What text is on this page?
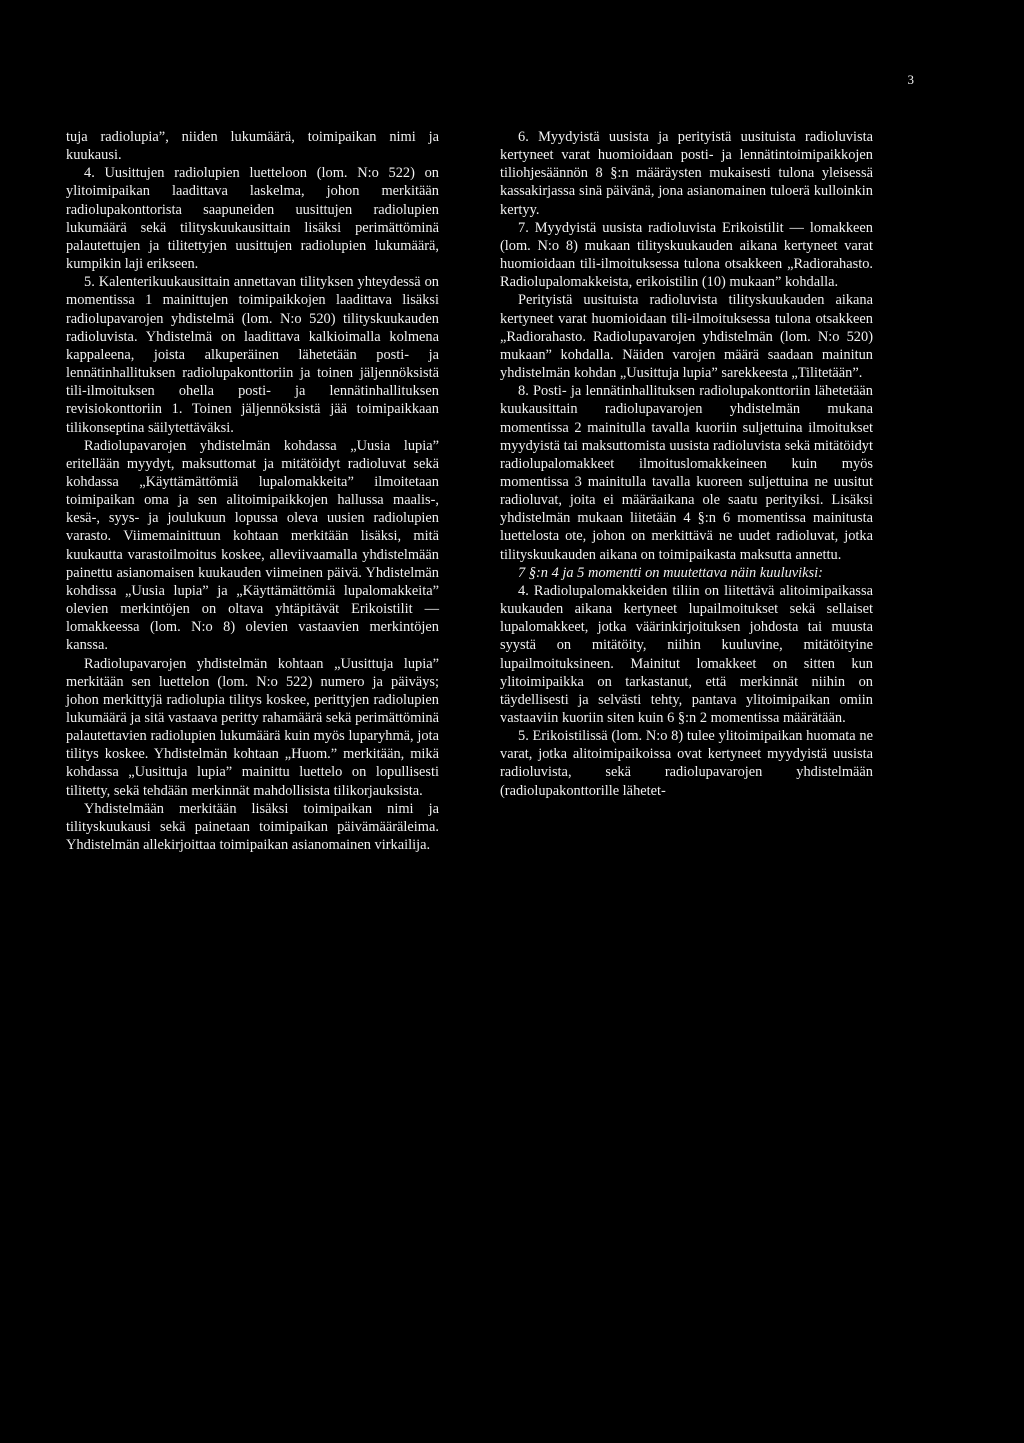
3

tuja radiolupia”, niiden lukumäärä, toimipaikan nimi ja kuukausi.

4. Uusittujen radiolupien luetteloon (lom. N:o 522) on ylitoimipaikan laadittava laskelma, johon merkitään radiolupakonttorista saapuneiden uusittujen radiolupien lukumäärä sekä tilityskuukausittain lisäksi perimättöminä palautettujen ja tilitettyjen uusittujen radiolupien lukumäärä, kumpikin laji erikseen.

5. Kalenterikuukausittain annettavan tilityksen yhteydessä on momentissa 1 mainittujen toimipaikkojen laadittava lisäksi radiolupavarojen yhdistelmä (lom. N:o 520) tilityskuukauden radioluvista. Yhdistelmä on laadittava kalkioimalla kolmena kappaleena, joista alkuperäinen lähetetään posti- ja lennätinhallituksen radiolupakonttoriin ja toinen jäljennöksistä tili-ilmoituksen ohella posti- ja lennätinhallituksen revisiokonttoriin 1. Toinen jäljennöksistä jää toimipaikkaan tilikonseptina säilytettäväksi.

Radiolupavarojen yhdistelmän kohdassa „Uusia lupia” eritellään myydyt, maksuttomat ja mitätöidyt radioluvat sekä kohdassa „Käyttämättömiä lupalomakkeita” ilmoitetaan toimipaikan oma ja sen alitoimipaikkojen hallussa maalis-, kesä-, syys- ja joulukuun lopussa oleva uusien radiolupien varasto. Viimemainittuun kohtaan merkitään lisäksi, mitä kuukautta varastoilmoitus koskee, alleviivaamalla yhdistelmään painettu asianomaisen kuukauden viimeinen päivä. Yhdistelmän kohdissa „Uusia lupia” ja „Käyttämättömiä lupalomakkeita” olevien merkintöjen on oltava yhtäpitävät Erikoistilit — lomakkeessa (lom. N:o 8) olevien vastaavien merkintöjen kanssa.

Radiolupavarojen yhdistelmän kohtaan „Uusittuja lupia” merkitään sen luettelon (lom. N:o 522) numero ja päiväys; johon merkittyjä radiolupia tilitys koskee, perittyjen radiolupien lukumäärä ja sitä vastaava peritty rahamäärä sekä perimättöminä palautettavien radiolupien lukumäärä kuin myös luparyhmä, jota tilitys koskee. Yhdistelmän kohtaan „Huom.” merkitään, mikä kohdassa „Uusittuja lupia” mainittu luettelo on lopullisesti tilitetty, sekä tehdään merkinnät mahdollisista tilikorjauksista.

Yhdistelmään merkitään lisäksi toimipaikan nimi ja tilityskuukausi sekä painetaan toimipaikan päivämääräleima. Yhdistelmän allekirjoittaa toimipaikan asianomainen virkailija.

6. Myydyistä uusista ja perityistä uusituista radioluvista kertyneet varat huomioidaan posti- ja lennätintoimipaikkojen tiliohjesäännön 8 §:n määräysten mukaisesti tulona yleisessä kassakirjassa sinä päivänä, jona asianomainen tuloerä kulloinkin kertyy.

7. Myydyistä uusista radioluvista Erikoistilit — lomakkeen (lom. N:o 8) mukaan tilityskuukauden aikana kertyneet varat huomioidaan tili-ilmoituksessa tulona otsakkeen „Radiorahasto. Radiolupalomakkeista, erikoistilin (10) mukaan” kohdalla.

Perityistä uusituista radioluvista tilityskuukauden aikana kertyneet varat huomioidaan tili-ilmoituksessa tulona otsakkeen „Radiorahasto. Radiolupavarojen yhdistelmän (lom. N:o 520) mukaan” kohdalla. Näiden varojen määrä saadaan mainitun yhdistelmän kohdan „Uusittuja lupia” sarekkeesta „Tilitetään”.

8. Posti- ja lennätinhallituksen radiolupakonttoriin lähetetään kuukausittain radiolupavarojen yhdistelmän mukana momentissa 2 mainitulla tavalla kuoriin suljettuina ilmoitukset myydyistä tai maksuttomista uusista radioluvista sekä mitätöidyt radiolupalomakkeet ilmoituslomakkeineen kuin myös momentissa 3 mainitulla tavalla kuoreen suljettuina ne uusitut radioluvat, joita ei määräaikana ole saatu perityiksi. Lisäksi yhdistelmän mukaan liitetään 4 §:n 6 momentissa mainitusta luettelosta ote, johon on merkittävä ne uudet radioluvat, jotka tilityskuukauden aikana on toimipaikasta maksutta annettu.

7 §:n 4 ja 5 momentti on muutettava näin kuuluviksi:

4. Radiolupalomakkeiden tiliin on liitettävä alitoimipaikassa kuukauden aikana kertyneet lupailmoitukset sekä sellaiset lupalomakkeet, jotka väärinkirjoituksen johdosta tai muusta syystä on mitätöity, niihin kuuluvine, mitätöityine lupailmoituksineen. Mainitut lomakkeet on sitten kun ylitoimipaikka on tarkastanut, että merkinnät niihin on täydellisesti ja selvästi tehty, pantava ylitoimipaikan omiin vastaaviin kuoriin siten kuin 6 §:n 2 momentissa määrätään.

5. Erikoistilissä (lom. N:o 8) tulee ylitoimipaikan huomata ne varat, jotka alitoimipaikoissa ovat kertyneet myydyistä uusista radioluvista, sekä radiolupavarojen yhdistelmään (radiolupakonttorille lähetet-
